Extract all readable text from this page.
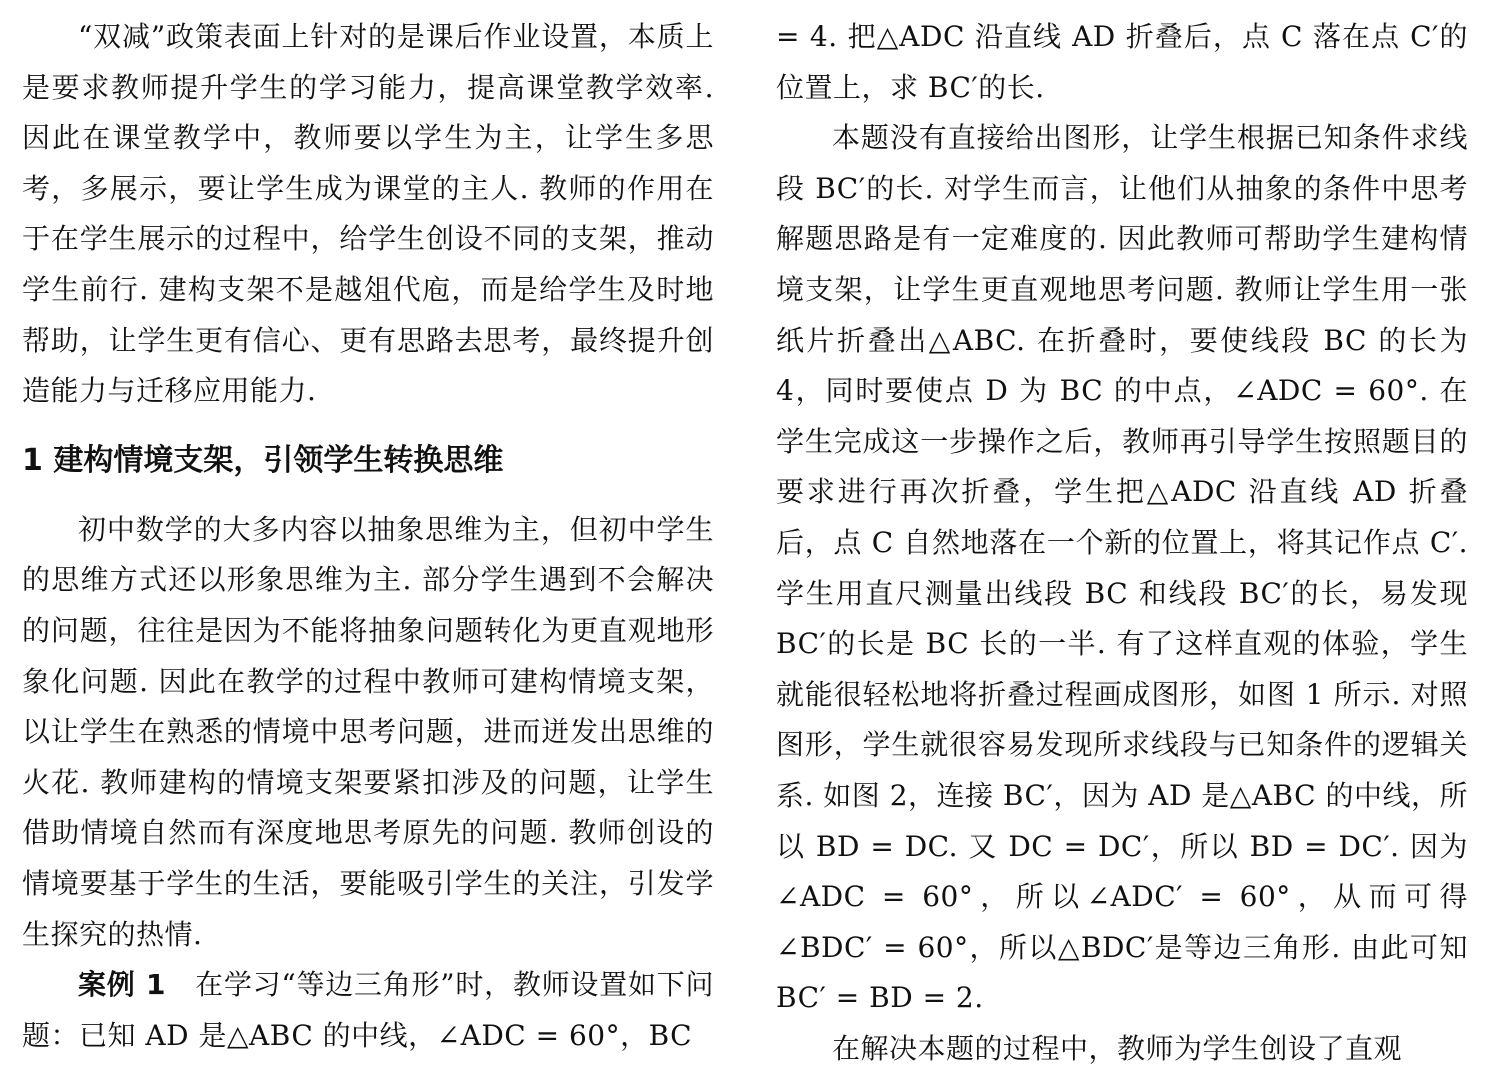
“双减”政策表面上针对的是课后作业设置，本质上是要求教师提升学生的学习能力，提高课堂教学效率. 因此在课堂教学中，教师要以学生为主，让学生多思考，多展示，要让学生成为课堂的主人. 教师的作用在于在学生展示的过程中，给学生创设不同的支架，推动学生前行. 建构支架不是越俎代庖，而是给学生及时地帮助，让学生更有信心、更有思路去思考，最终提升创造能力与迁移应用能力.

1 建构情境支架，引领学生转换思维

初中数学的大多内容以抽象思维为主，但初中学生的思维方式还以形象思维为主. 部分学生遇到不会解决的问题，往往是因为不能将抽象问题转化为更直观地形象化问题. 因此在教学的过程中教师可建构情境支架，以让学生在熟悉的情境中思考问题，进而迸发出思维的火花. 教师建构的情境支架要紧扣涉及的问题，让学生借助情境自然而有深度地思考原先的问题. 教师创设的情境要基于学生的生活，要能吸引学生的关注，引发学生探究的热情.

案例 1　在学习“等边三角形”时，教师设置如下问题：已知 AD 是△ABC 的中线，∠ADC = 60°，BC

= 4. 把△ADC 沿直线 AD 折叠后，点 C 落在点 C′的位置上，求 BC′的长.

本题没有直接给出图形，让学生根据已知条件求线段 BC′的长. 对学生而言，让他们从抽象的条件中思考解题思路是有一定难度的. 因此教师可帮助学生建构情境支架，让学生更直观地思考问题. 教师让学生用一张纸片折叠出△ABC. 在折叠时，要使线段 BC 的长为 4，同时要使点 D 为 BC 的中点，∠ADC = 60°. 在学生完成这一步操作之后，教师再引导学生按照题目的要求进行再次折叠，学生把△ADC 沿直线 AD 折叠后，点 C 自然地落在一个新的位置上，将其记作点 C′. 学生用直尺测量出线段 BC 和线段 BC′的长，易发现 BC′的长是 BC 长的一半. 有了这样直观的体验，学生就能很轻松地将折叠过程画成图形，如图 1 所示. 对照图形，学生就很容易发现所求线段与已知条件的逻辑关系. 如图 2，连接 BC′，因为 AD 是△ABC 的中线，所以 BD = DC. 又 DC = DC′，所以 BD = DC′. 因为∠ADC = 60°，所以∠ADC′ = 60°，从而可得∠BDC′ = 60°，所以△BDC′是等边三角形. 由此可知 BC′ = BD = 2.

在解决本题的过程中，教师为学生创设了直观
